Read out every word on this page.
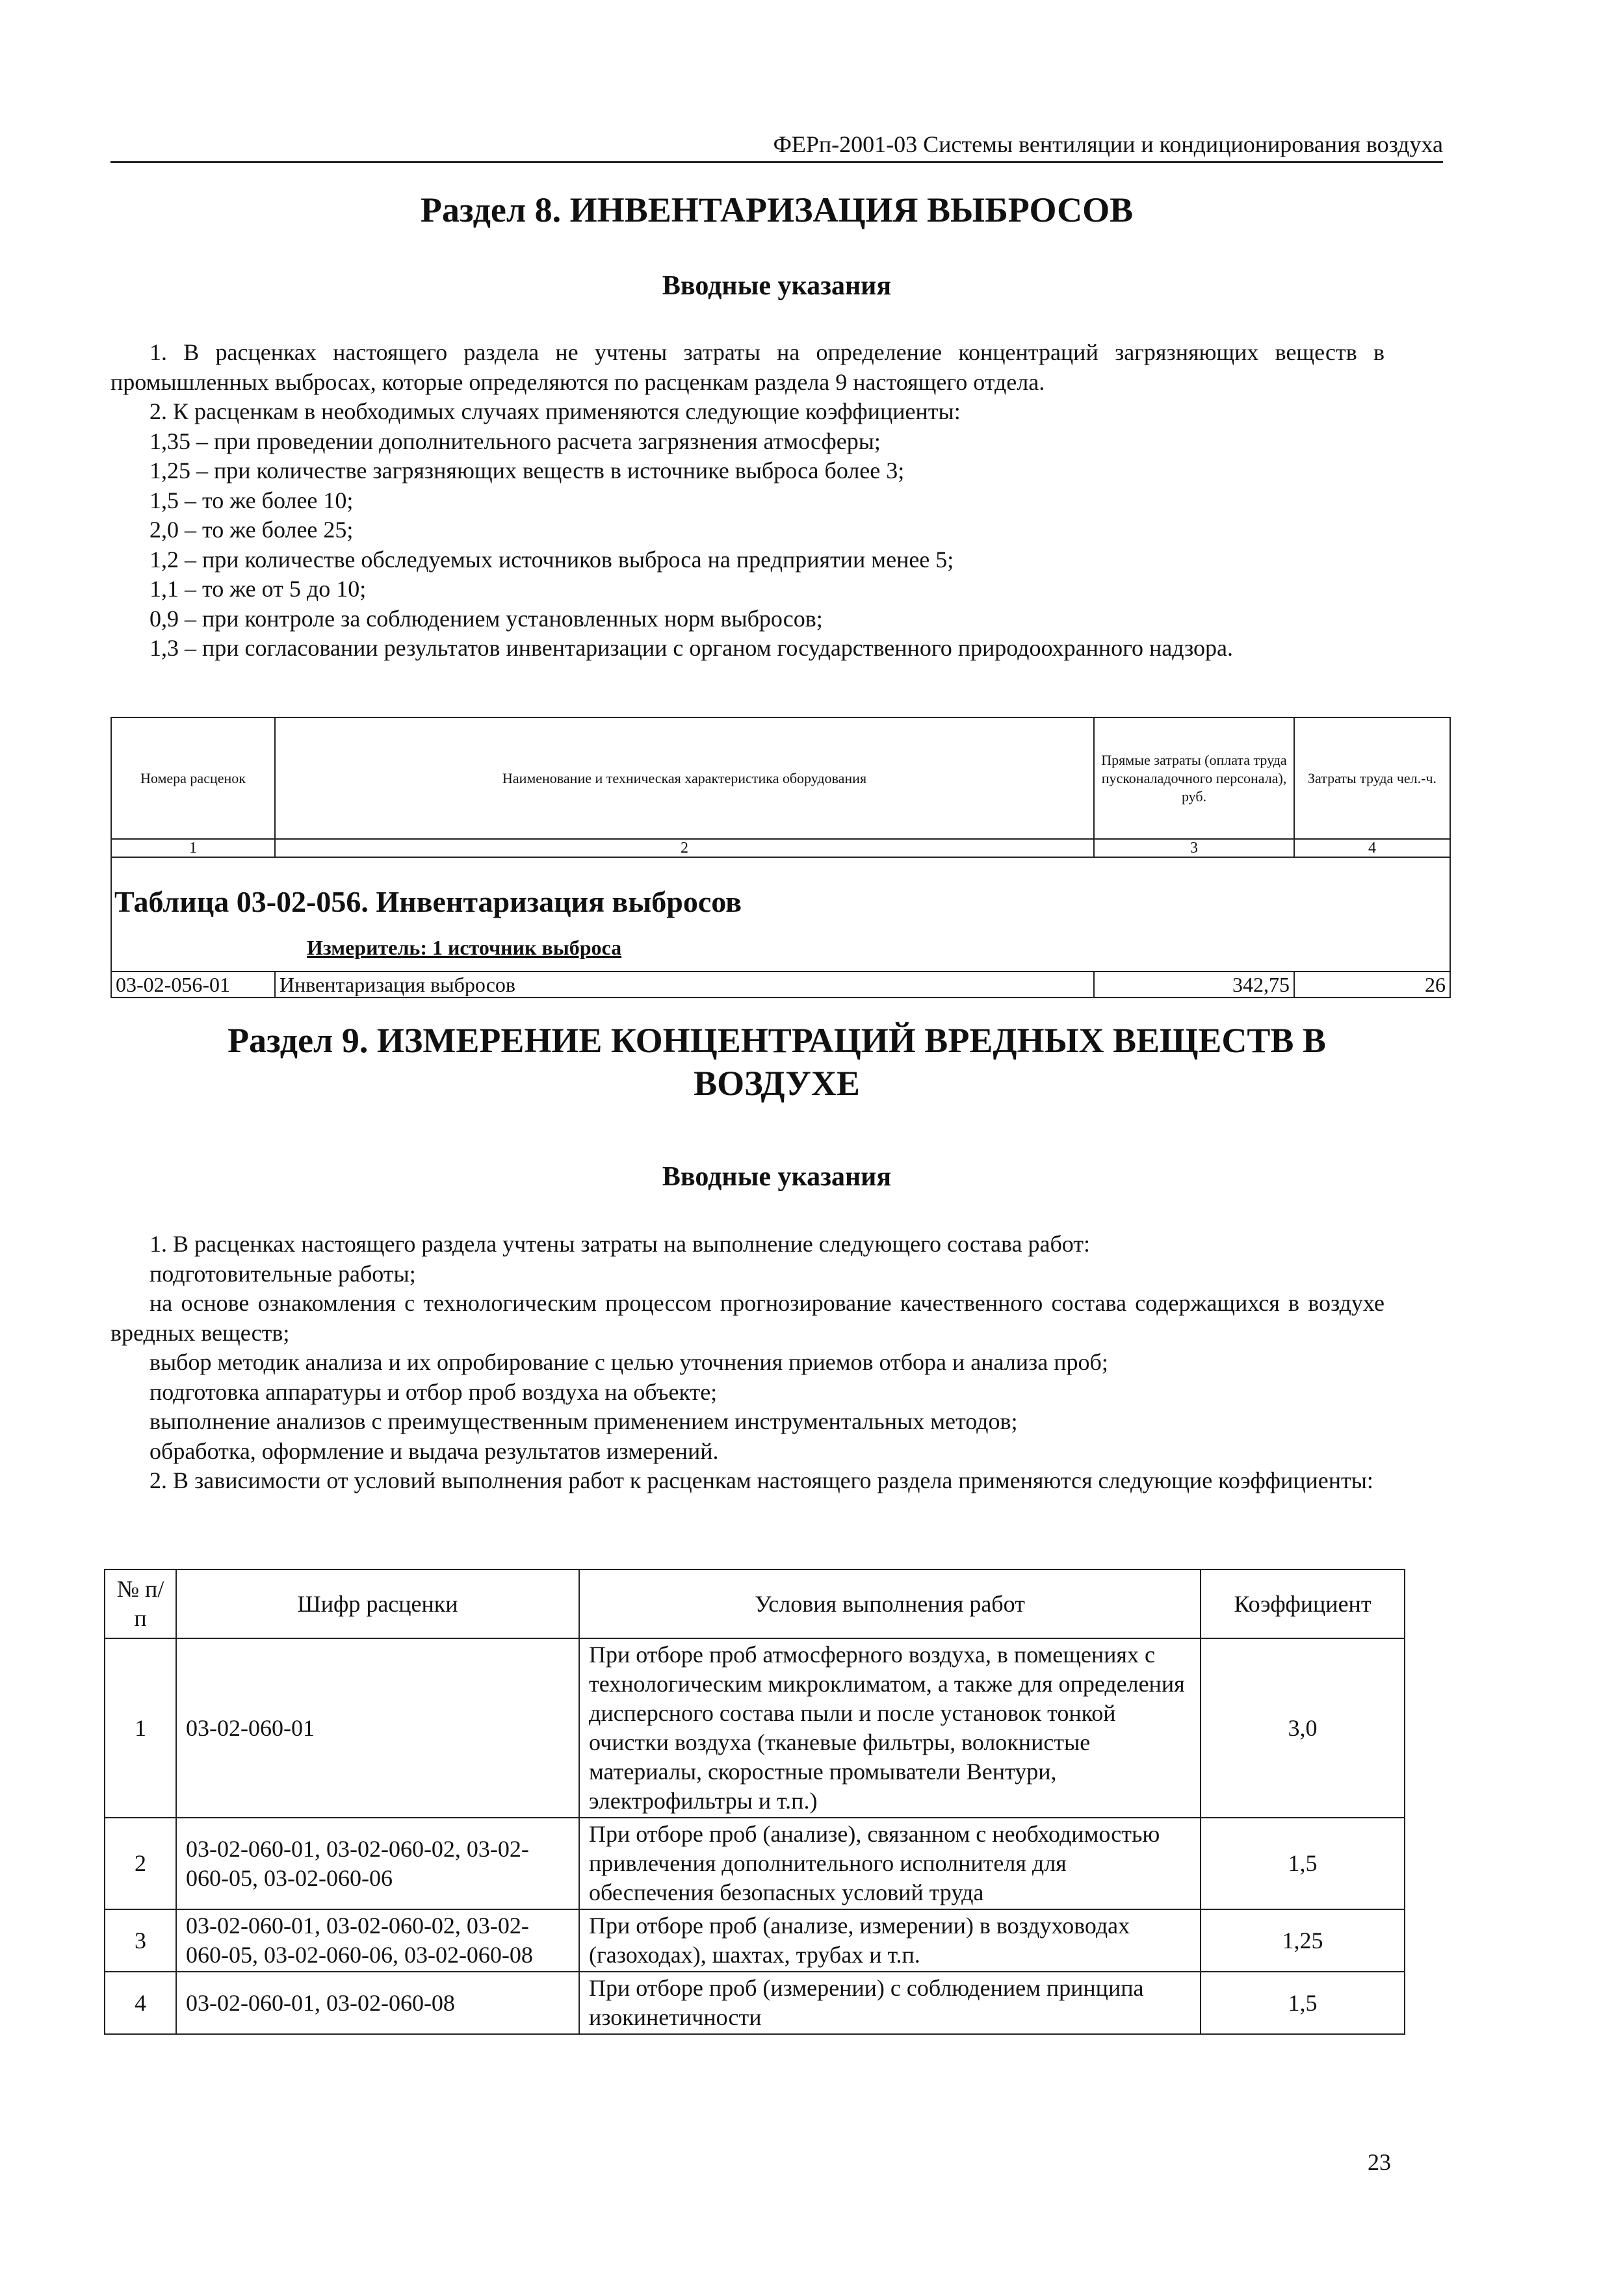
ФЕРп-2001-03 Системы вентиляции и кондиционирования воздуха
Раздел 8. ИНВЕНТАРИЗАЦИЯ ВЫБРОСОВ
Вводные указания

1. В расценках настоящего раздела не учтены затраты на определение концентраций загрязняющих веществ в промышленных выбросах, которые определяются по расценкам раздела 9 настоящего отдела.

2. К расценкам в необходимых случаях применяются следующие коэффициенты:

1,35 – при проведении дополнительного расчета загрязнения атмосферы;

1,25 – при количестве загрязняющих веществ в источнике выброса более 3;

1,5 – то же более 10;

2,0 – то же более 25;

1,2 – при количестве обследуемых источников выброса на предприятии менее 5;

1,1 – то же от 5 до 10;

0,9 – при контроле за соблюдением установленных норм выбросов;

1,3 – при согласовании результатов инвентаризации с органом государственного природоохранного надзора.

Номера расценок	Наименование и техническая характеристика оборудования	Прямые затраты (оплата труда пусконаладочного персонала), руб.	Затраты труда чел.-ч.
1	2	3	4

Таблица 03-02-056. Инвентаризация выбросов
Измеритель: 1 источник выброса			

03-02-056-01	Инвентаризация выбросов	342,75	26
Раздел 9. ИЗМЕРЕНИЕ КОНЦЕНТРАЦИЙ ВРЕДНЫХ ВЕЩЕСТВ В
ВОЗДУХЕ
Вводные указания

1. В расценках настоящего раздела учтены затраты на выполнение следующего состава работ:

подготовительные работы;

на основе ознакомления с технологическим процессом прогнозирование качественного состава содержащихся в воздухе вредных веществ;

выбор методик анализа и их опробирование с целью уточнения приемов отбора и анализа проб;

подготовка аппаратуры и отбор проб воздуха на объекте;

выполнение анализов с преимущественным применением инструментальных методов;

обработка, оформление и выдача результатов измерений.

2. В зависимости от условий выполнения работ к расценкам настоящего раздела применяются следующие коэффициенты:

№ п/п	Шифр расценки	Условия выполнения работ	Коэффициент
1	03-02-060-01	При отборе проб атмосферного воздуха, в помещениях с технологическим микроклиматом, а также для определения дисперсного состава пыли и после установок тонкой очистки воздуха (тканевые фильтры, волокнистые материалы, скоростные промыватели Вентури, электрофильтры и т.п.)	3,0
2	03-02-060-01, 03-02-060-02, 03-02-060-05, 03-02-060-06	При отборе проб (анализе), связанном с необходимостью привлечения дополнительного исполнителя для обеспечения безопасных условий труда	1,5
3	03-02-060-01, 03-02-060-02, 03-02-060-05, 03-02-060-06, 03-02-060-08	При отборе проб (анализе, измерении) в воздуховодах (газоходах), шахтах, трубах и т.п.	1,25
4	03-02-060-01, 03-02-060-08	При отборе проб (измерении) с соблюдением принципа изокинетичности	1,5
23
